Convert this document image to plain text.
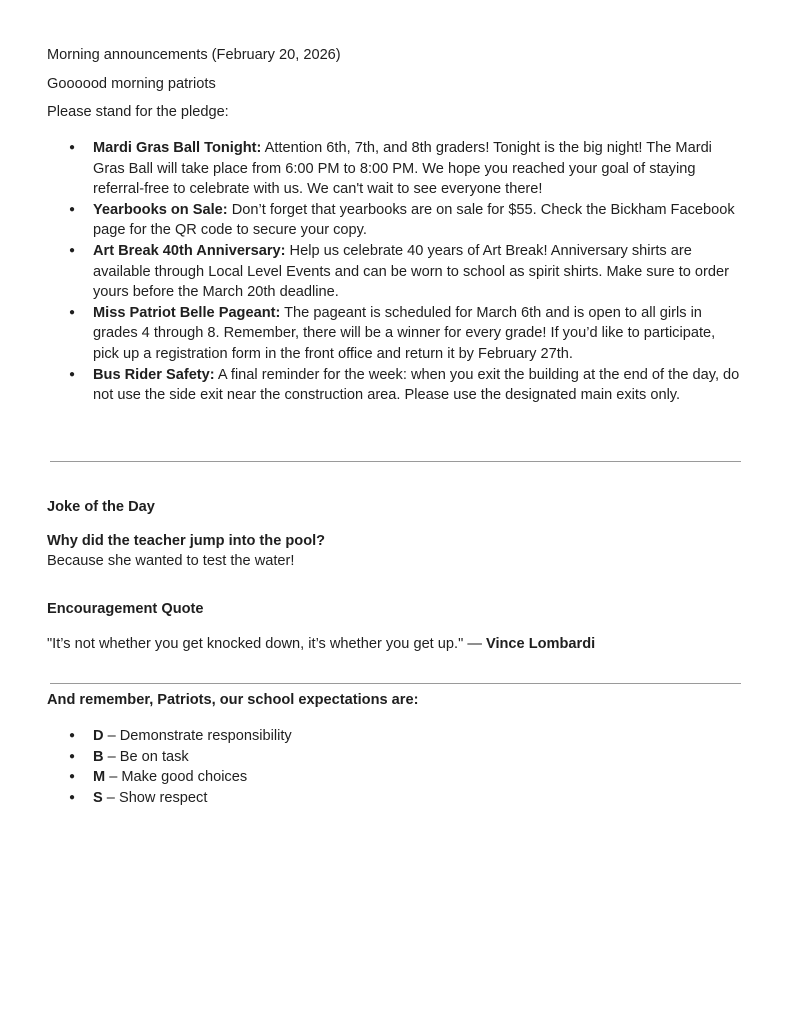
Morning announcements (February 20, 2026)
Goooood morning patriots
Please stand for the pledge:
● Mardi Gras Ball Tonight: Attention 6th, 7th, and 8th graders! Tonight is the big night! The Mardi Gras Ball will take place from 6:00 PM to 8:00 PM. We hope you reached your goal of staying referral-free to celebrate with us. We can't wait to see everyone there!
● Yearbooks on Sale: Don’t forget that yearbooks are on sale for $55. Check the Bickham Facebook page for the QR code to secure your copy.
● Art Break 40th Anniversary: Help us celebrate 40 years of Art Break! Anniversary shirts are available through Local Level Events and can be worn to school as spirit shirts. Make sure to order yours before the March 20th deadline.
● Miss Patriot Belle Pageant: The pageant is scheduled for March 6th and is open to all girls in grades 4 through 8. Remember, there will be a winner for every grade! If you’d like to participate, pick up a registration form in the front office and return it by February 27th.
● Bus Rider Safety: A final reminder for the week: when you exit the building at the end of the day, do not use the side exit near the construction area. Please use the designated main exits only.
Joke of the Day
Why did the teacher jump into the pool?
Because she wanted to test the water!
Encouragement Quote
"It’s not whether you get knocked down, it’s whether you get up." — Vince Lombardi
And remember, Patriots, our school expectations are:
● D – Demonstrate responsibility
● B – Be on task
● M – Make good choices
● S – Show respect
